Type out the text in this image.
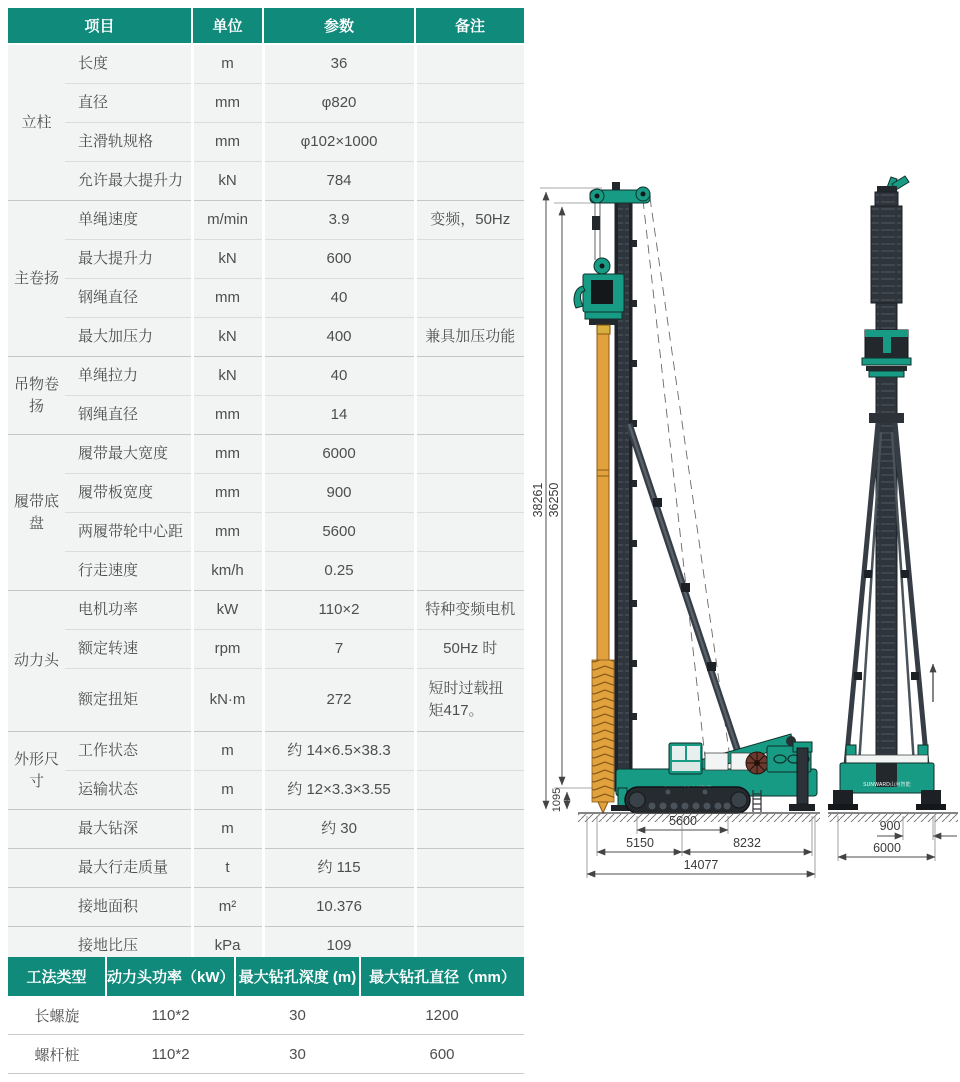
项目		单位	参数	备注
立柱	长度	m	36	
	直径	mm	φ820	
	主滑轨规格	mm	φ102×1000	
	允许最大提升力	kN	784	
主卷扬	单绳速度	m/min	3.9	变频，50Hz
	最大提升力	kN	600	
	钢绳直径	mm	40	
	最大加压力	kN	400	兼具加压功能
吊物卷扬	单绳拉力	kN	40	
	钢绳直径	mm	14	
履带底盘	履带最大宽度	mm	6000	
	履带板宽度	mm	900	
	两履带轮中心距	mm	5600	
	行走速度	km/h	0.25	
动力头	电机功率	kW	110×2	特种变频电机
	额定转速	rpm	7	50Hz 时
	额定扭矩	kN·m	272	短时过载扭矩417。
外形尺寸	工作状态	m	约 14×6.5×38.3	
	运输状态	m	约 12×3.3×3.55	
最大钻深		m	约 30	
最大行走质量		t	约 115	
接地面积		m²	10.376	
接地比压		kPa	109	
工法类型	动力头功率（kW）	最大钻孔深度 (m)	最大钻孔直径（mm）
长螺旋	110*2	30	1200
螺杆桩	110*2	30	600
38261 36250
1095
5600
5150	8232
14077
SUNWARD山河智能
900
6000
